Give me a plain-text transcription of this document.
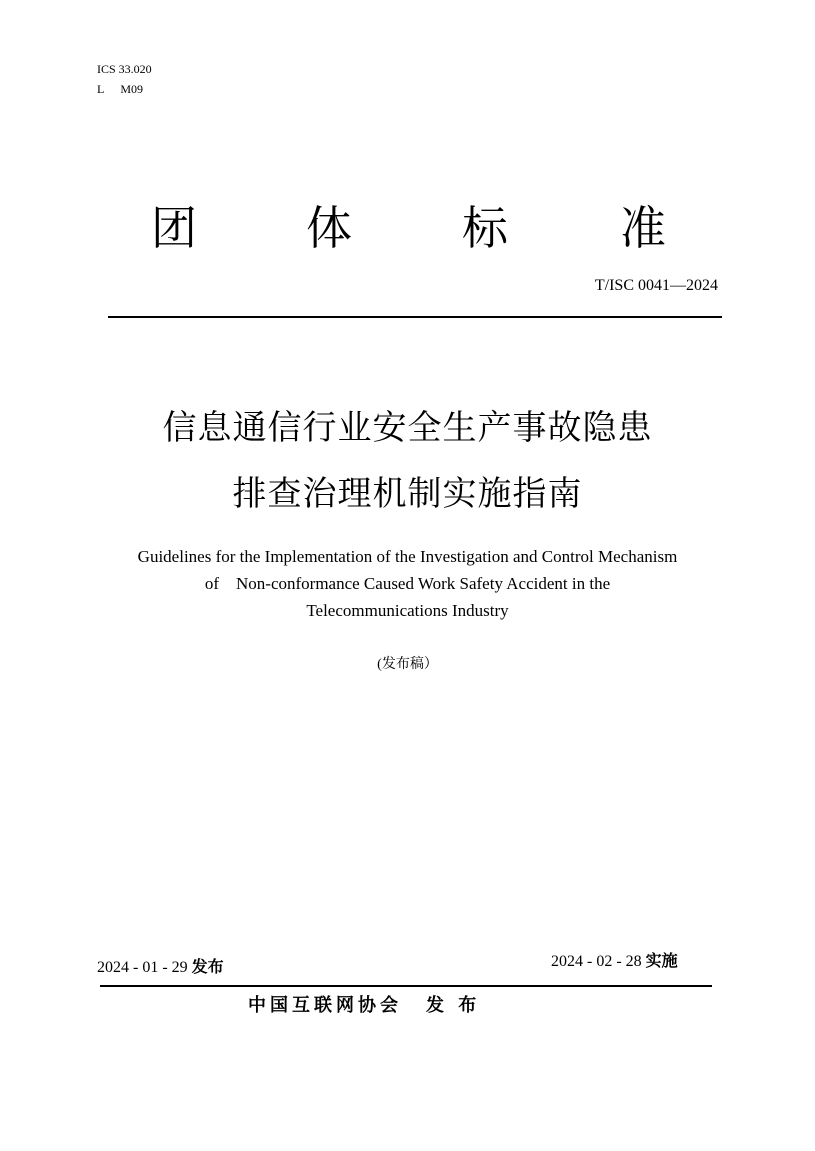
ICS 33.020
L M09
团 体 标 准
T/ISC 0041—2024
信息通信行业安全生产事故隐患
排查治理机制实施指南
Guidelines for the Implementation of the Investigation and Control Mechanism
of    Non-conformance Caused Work Safety Accident in the
Telecommunications Industry
(发布稿）
2024 - 01 - 29 发布	2024 - 02 - 28 实施
中国互联网协会 发 布
